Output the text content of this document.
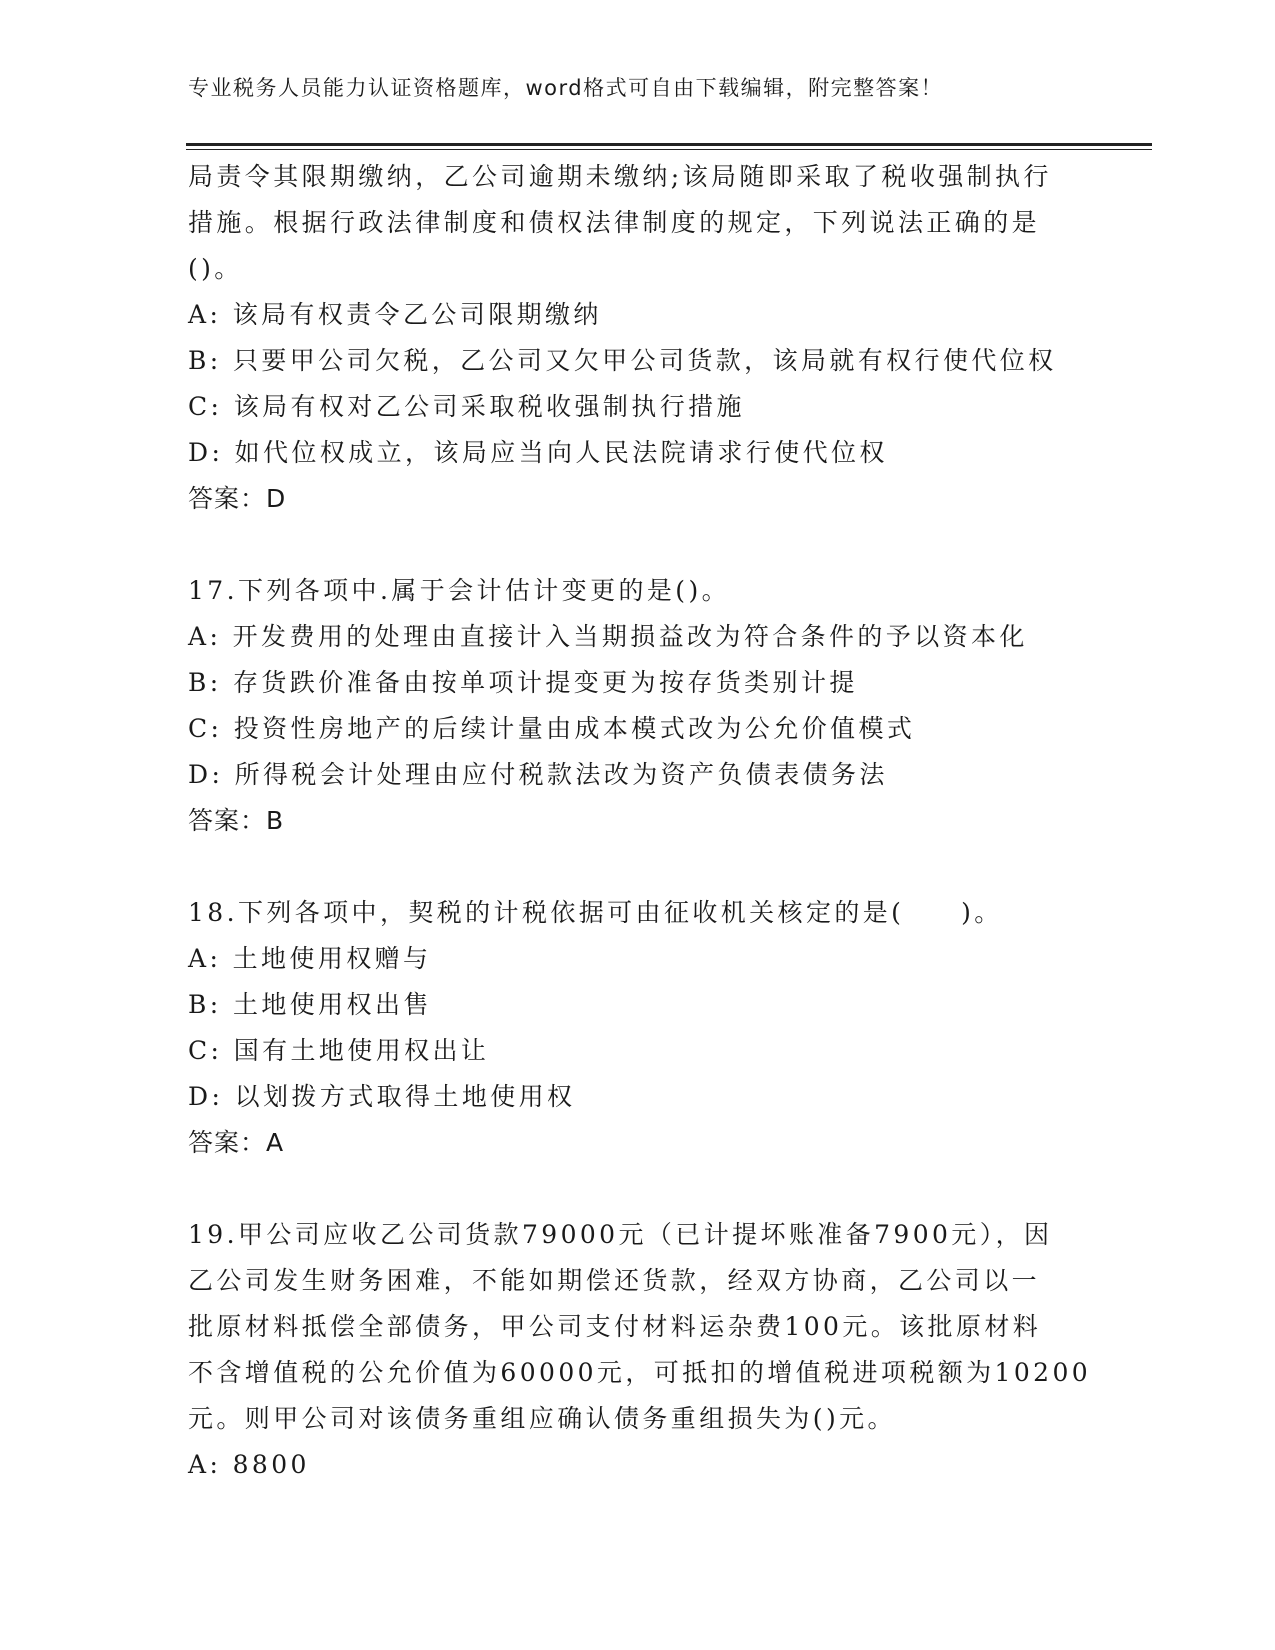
专业税务人员能力认证资格题库，word格式可自由下载编辑，附完整答案！
局责令其限期缴纳，乙公司逾期未缴纳;该局随即采取了税收强制执行
措施。根据行政法律制度和债权法律制度的规定，下列说法正确的是
()。
A: 该局有权责令乙公司限期缴纳
B: 只要甲公司欠税，乙公司又欠甲公司货款，该局就有权行使代位权
C: 该局有权对乙公司采取税收强制执行措施
D: 如代位权成立，该局应当向人民法院请求行使代位权
答案：D
17.下列各项中.属于会计估计变更的是()。
A: 开发费用的处理由直接计入当期损益改为符合条件的予以资本化
B: 存货跌价准备由按单项计提变更为按存货类别计提
C: 投资性房地产的后续计量由成本模式改为公允价值模式
D: 所得税会计处理由应付税款法改为资产负债表债务法
答案：B
18.下列各项中，契税的计税依据可由征收机关核定的是(　　)。
A: 土地使用权赠与
B: 土地使用权出售
C: 国有土地使用权出让
D: 以划拨方式取得土地使用权
答案：A
19.甲公司应收乙公司货款79000元（已计提坏账准备7900元），因
乙公司发生财务困难，不能如期偿还货款，经双方协商，乙公司以一
批原材料抵偿全部债务，甲公司支付材料运杂费100元。该批原材料
不含增值税的公允价值为60000元，可抵扣的增值税进项税额为10200
元。则甲公司对该债务重组应确认债务重组损失为()元。
A: 8800
